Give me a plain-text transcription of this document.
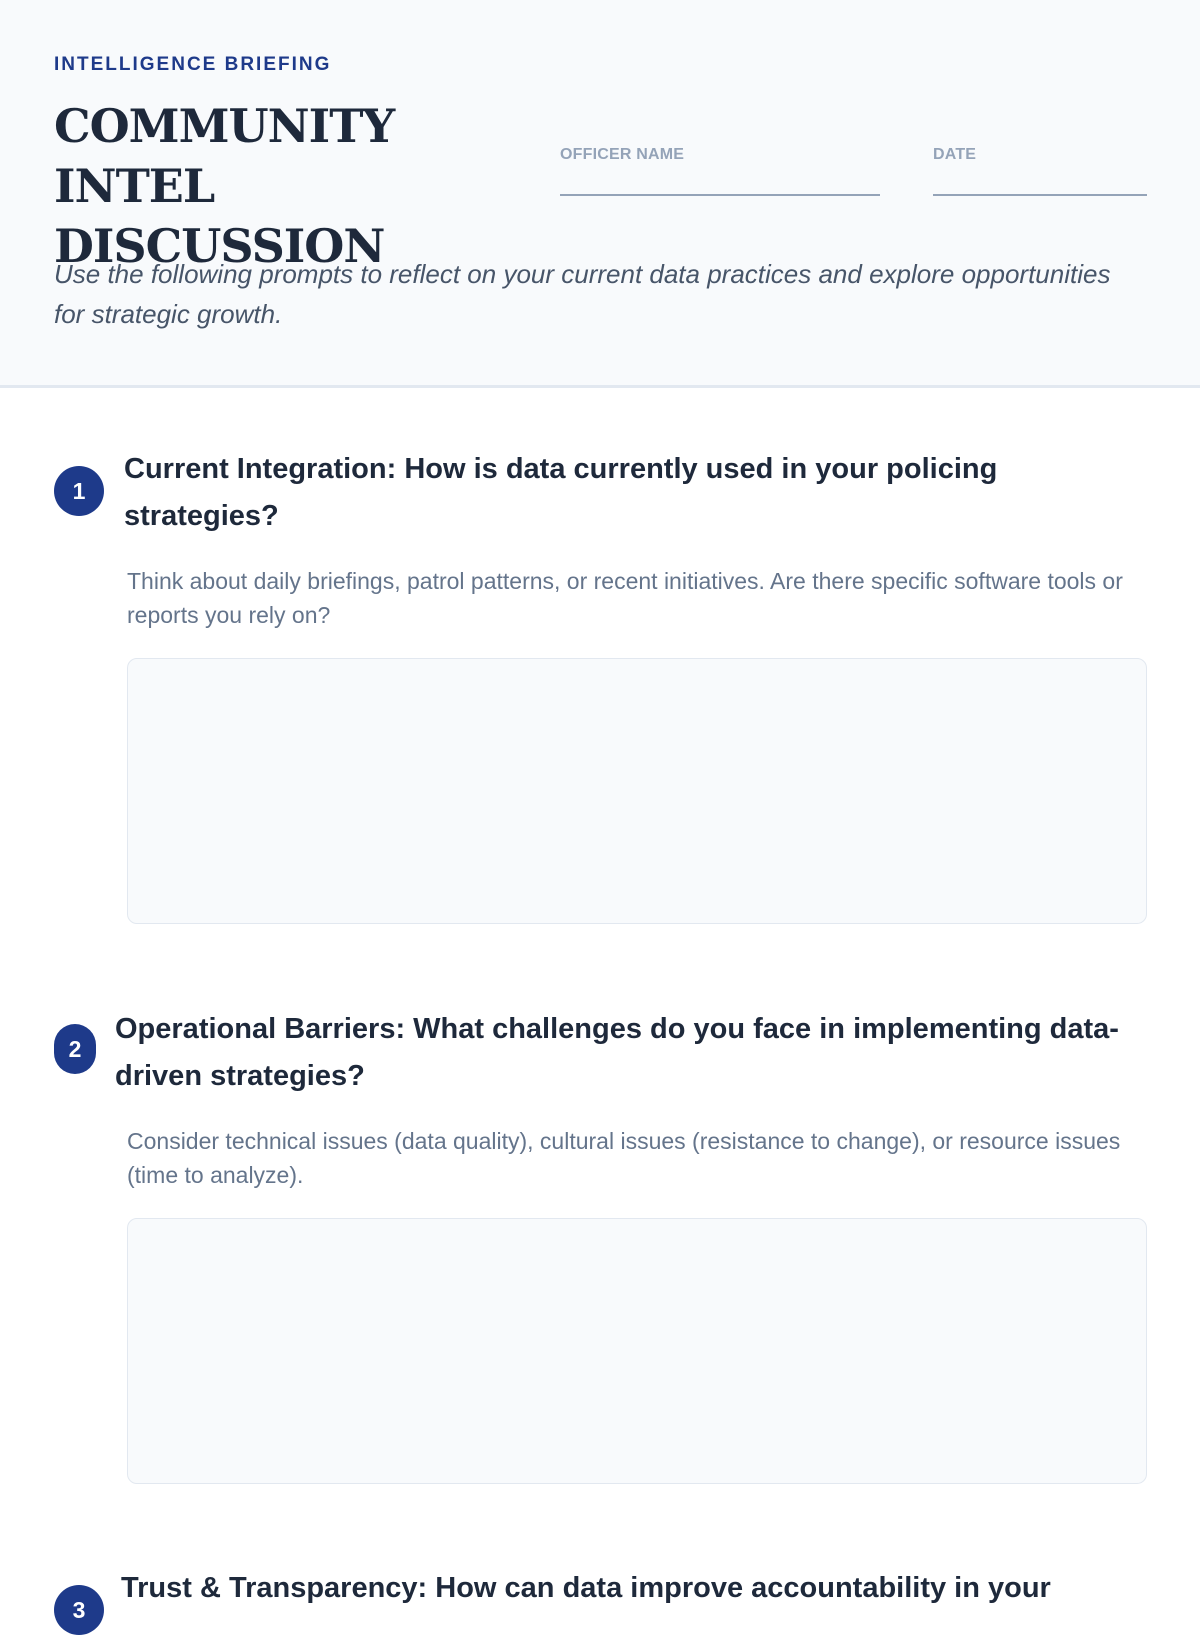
INTELLIGENCE BRIEFING
COMMUNITY INTEL DISCUSSION
OFFICER NAME	DATE

Use the following prompts to reflect on your current data practices and explore opportunities for strategic growth.

1
Current Integration: How is data currently used in your policing strategies?

Think about daily briefings, patrol patterns, or recent initiatives. Are there specific software tools or reports you rely on?

2
Operational Barriers: What challenges do you face in implementing data-driven strategies?

Consider technical issues (data quality), cultural issues (resistance to change), or resource issues (time to analyze).

3
Trust & Transparency: How can data improve accountability in your
